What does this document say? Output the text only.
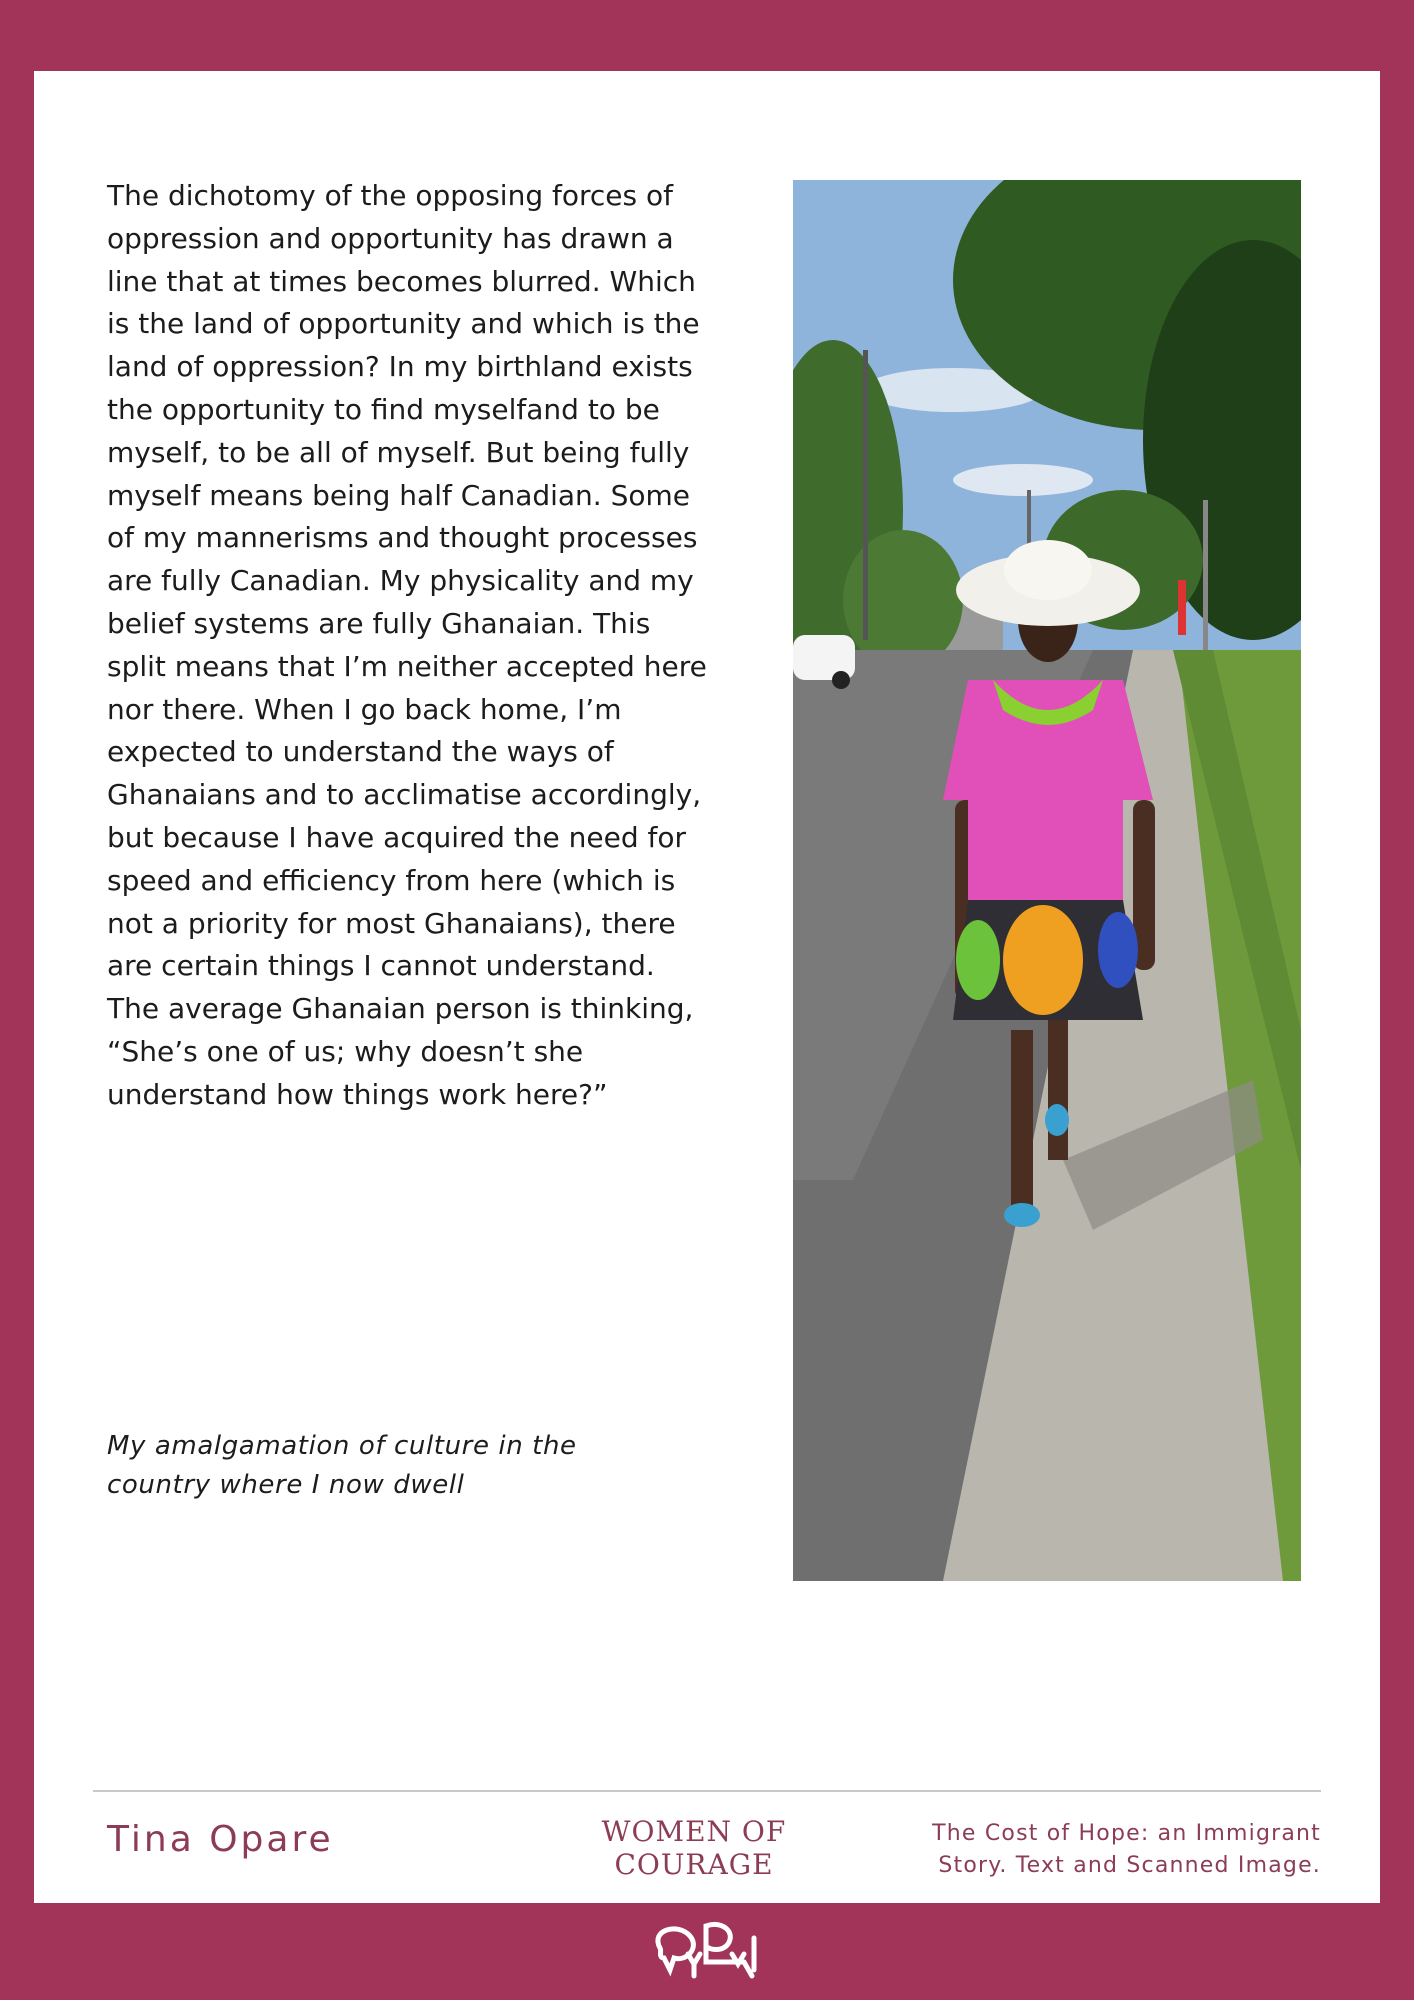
The dichotomy of the opposing forces of oppression and opportunity has drawn a line that at times becomes blurred. Which is the land of opportunity and which is the land of oppression? In my birthland exists the opportunity to find myselfand to be myself, to be all of myself. But being fully myself means being half Canadian. Some of my mannerisms and thought processes are fully Canadian. My physicality and my belief systems are fully Ghanaian. This split means that I’m neither accepted here nor there. When I go back home, I’m expected to understand the ways of Ghanaians and to acclimatise accordingly, but because I have acquired the need for speed and efficiency from here (which is not a priority for most Ghanaians), there are certain things I cannot understand. The average Ghanaian person is thinking, “She’s one of us; why doesn’t she understand how things work here?”

My amalgamation of culture in the country where I now dwell

Tina Opare	WOMEN OF COURAGE
The Cost of Hope: an Immigrant Story. Text and Scanned Image.
